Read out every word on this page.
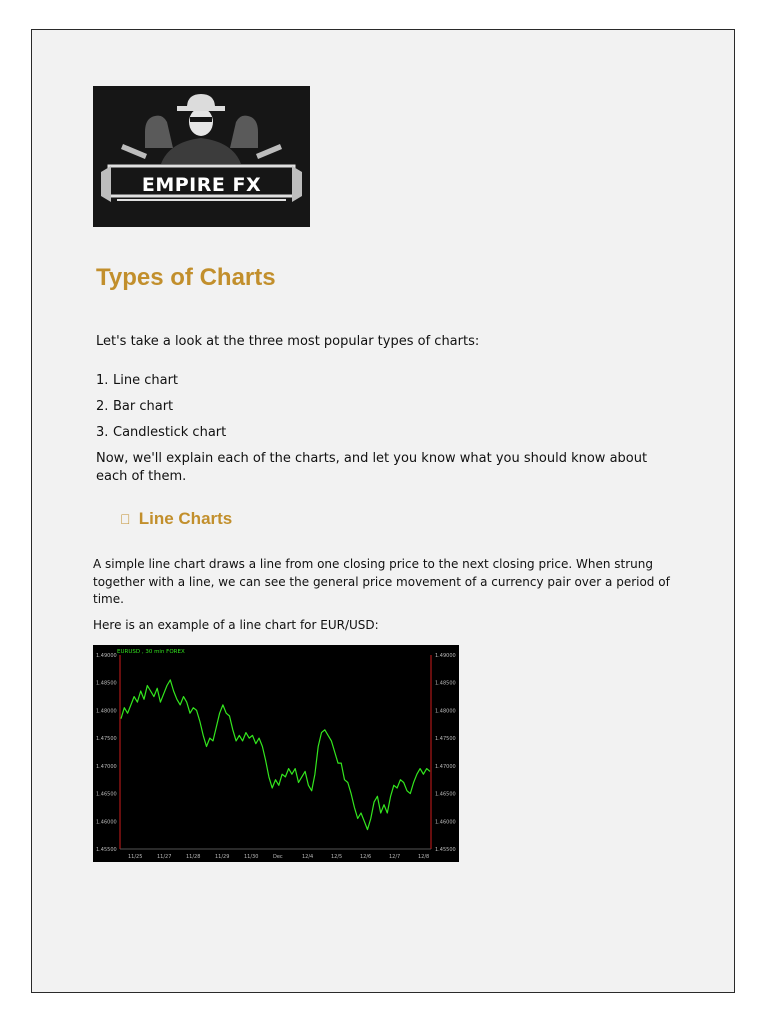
EMPIRE FX
Types of Charts

Let's take a look at the three most popular types of charts:

1. Line chart
2. Bar chart
3. Candlestick chart

Now, we'll explain each of the charts, and let you know what you should know about each of them.

Line Charts

A simple line chart draws a line from one closing price to the next closing price. When strung together with a line, we can see the general price movement of a currency pair over a period of time.

Here is an example of a line chart for EUR/USD:

EURUSD , 30 min FOREX
1.49000	1.49000
1.48500	1.48500
1.48000	1.48000
1.47500	1.47500
1.47000	1.47000
1.46500	1.46500
1.46000	1.46000
1.45500	1.45500
11/25	11/27	11/28	11/29	11/30	Dec	12/4	12/5	12/6	12/7	12/8
